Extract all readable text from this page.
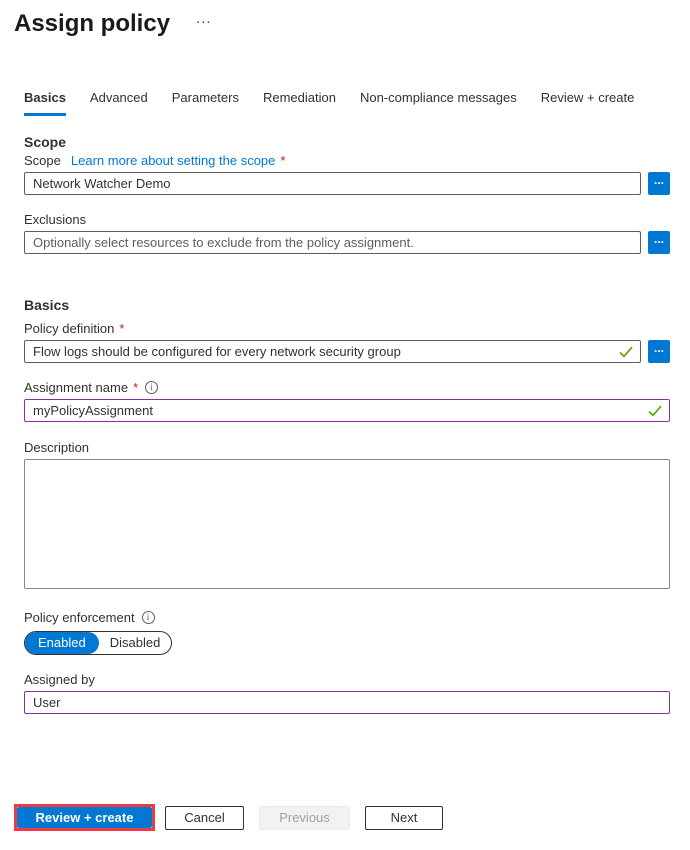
Assign policy ...
Basics Advanced Parameters Remediation Non-compliance messages Review + create
Scope
Scope Learn more about setting the scope *
Network Watcher Demo
...
Exclusions
Optionally select resources to exclude from the policy assignment.
...
Basics
Policy definition *
Flow logs should be configured for every network security group
...
Assignment name *	i
myPolicyAssignment
Description
Policy enforcement	i
Enabled	Disabled
Assigned by
User
Review + create	Cancel	Previous	Next
